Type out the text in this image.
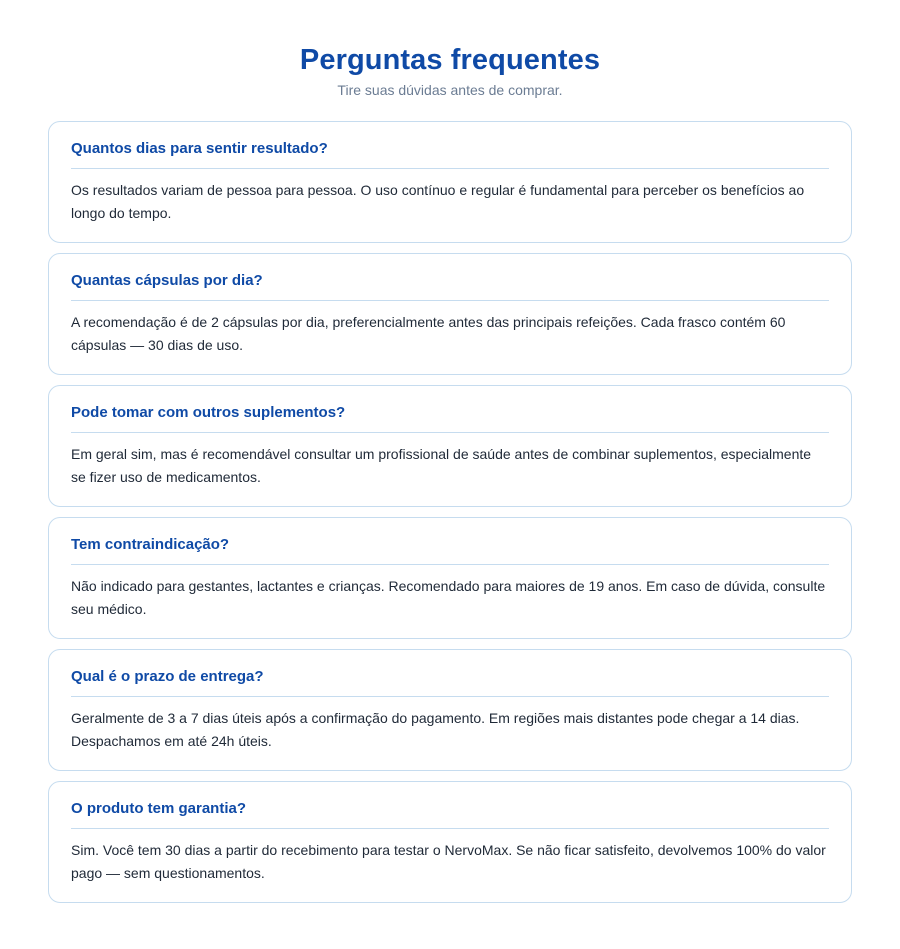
Perguntas frequentes

Tire suas dúvidas antes de comprar.

Quantos dias para sentir resultado?

Os resultados variam de pessoa para pessoa. O uso contínuo e regular é fundamental para perceber os benefícios ao longo do tempo.

Quantas cápsulas por dia?

A recomendação é de 2 cápsulas por dia, preferencialmente antes das principais refeições. Cada frasco contém 60 cápsulas — 30 dias de uso.

Pode tomar com outros suplementos?

Em geral sim, mas é recomendável consultar um profissional de saúde antes de combinar suplementos, especialmente se fizer uso de medicamentos.

Tem contraindicação?

Não indicado para gestantes, lactantes e crianças. Recomendado para maiores de 19 anos. Em caso de dúvida, consulte seu médico.

Qual é o prazo de entrega?

Geralmente de 3 a 7 dias úteis após a confirmação do pagamento. Em regiões mais distantes pode chegar a 14 dias. Despachamos em até 24h úteis.

O produto tem garantia?

Sim. Você tem 30 dias a partir do recebimento para testar o NervoMax. Se não ficar satisfeito, devolvemos 100% do valor pago — sem questionamentos.
